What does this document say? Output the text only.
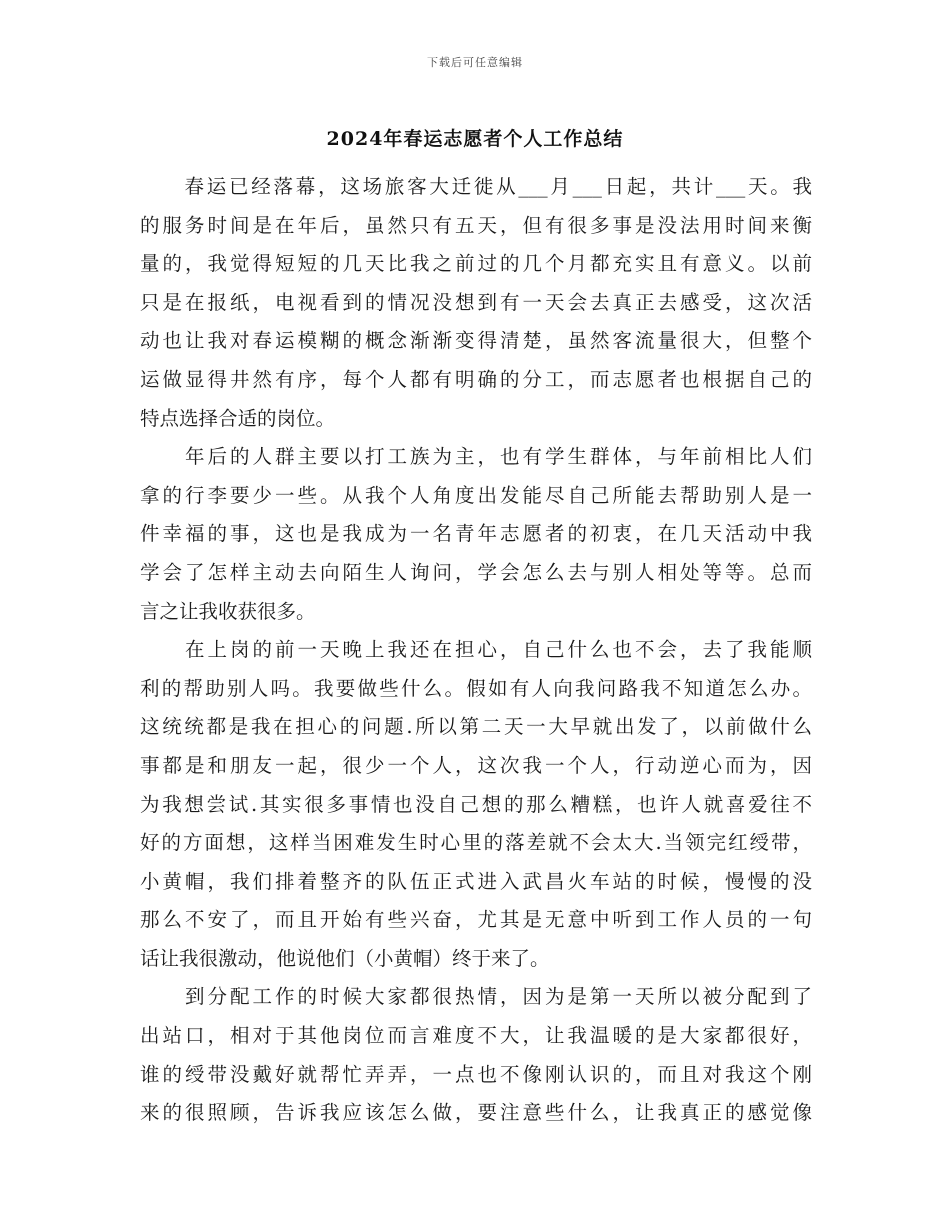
下载后可任意编辑
2024年春运志愿者个人工作总结
　　春运已经落幕，这场旅客大迁徙从___月___日起，共计___天。我
的服务时间是在年后，虽然只有五天，但有很多事是没法用时间来衡
量的，我觉得短短的几天比我之前过的几个月都充实且有意义。以前
只是在报纸，电视看到的情况没想到有一天会去真正去感受，这次活
动也让我对春运模糊的概念渐渐变得清楚，虽然客流量很大，但整个
运做显得井然有序，每个人都有明确的分工，而志愿者也根据自己的
特点选择合适的岗位。
　　年后的人群主要以打工族为主，也有学生群体，与年前相比人们
拿的行李要少一些。从我个人角度出发能尽自己所能去帮助别人是一
件幸福的事，这也是我成为一名青年志愿者的初衷，在几天活动中我
学会了怎样主动去向陌生人询问，学会怎么去与别人相处等等。总而
言之让我收获很多。
　　在上岗的前一天晚上我还在担心，自己什么也不会，去了我能顺
利的帮助别人吗。我要做些什么。假如有人向我问路我不知道怎么办。
这统统都是我在担心的问题.所以第二天一大早就出发了，以前做什么
事都是和朋友一起，很少一个人，这次我一个人，行动逆心而为，因
为我想尝试.其实很多事情也没自己想的那么糟糕，也许人就喜爱往不
好的方面想，这样当困难发生时心里的落差就不会太大.当领完红绶带，
小黄帽，我们排着整齐的队伍正式进入武昌火车站的时候，慢慢的没
那么不安了，而且开始有些兴奋，尤其是无意中听到工作人员的一句
话让我很激动，他说他们（小黄帽）终于来了。
　　到分配工作的时候大家都很热情，因为是第一天所以被分配到了
出站口，相对于其他岗位而言难度不大，让我温暖的是大家都很好，
谁的绶带没戴好就帮忙弄弄，一点也不像刚认识的，而且对我这个刚
来的很照顾，告诉我应该怎么做，要注意些什么，让我真正的感觉像
